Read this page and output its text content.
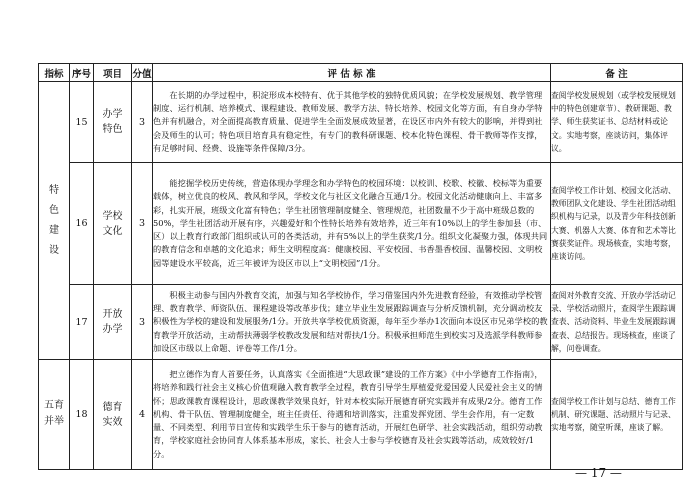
指标	序号	项目	分值	评 估 标 准	备 注
特色建设	15	办学特色	3	在长期的办学过程中，积淀形成本校特有、优于其他学校的独特优质风貌；在学校发展规划、教学管理制度、运行机制、培养模式、课程建设、教师发展、教学方法、特长培养、校园文化等方面，有自身办学特色并有机融合，对全面提高教育质量、促进学生全面发展成效显著，在设区市内外有较大的影响，并得到社会及师生的认可；特色项目培育具有稳定性，有专门的教科研课题、校本化特色课程、骨干教师等作支撑，有足够时间、经费、设施等条件保障/3分。	查阅学校发展规划（或学校发展规划中的特色创建章节）、教研课题、教学、师生获奖证书、总结材料或论文。实地考察，座谈访问，集体评议。
	16	学校文化	3	能挖掘学校历史传统，营造体现办学理念和办学特色的校园环境：以校训、校歌、校徽、校标等为重要载体，树立优良的校风、教风和学风，学校文化与社区文化融合互通/1分。校园文化活动健康向上、丰富多彩，扎实开展，班级文化富有特色；学生社团管理制度健全、管理规范，社团数量不少于高中班级总数的50%，学生社团活动开展有序，兴趣爱好和个性特长培养有效培养，近三年有10%以上的学生参加县（市、区）以上教育行政部门组织或认可的各类活动，并有5%以上的学生获奖/1分。组织文化凝聚力强，体现共同的教育信念和卓越的文化追求；师生文明程度高：健康校园、平安校园、书香墨香校园、温馨校园、文明校园等建设水平较高，近三年被评为设区市以上“文明校园”/1分。	查阅学校工作计划、校园文化活动、教师团队文化建设、学生社团活动组织机构与记录，以及青少年科技创新大赛、机器人大赛、体育和艺术等比赛获奖证件。现场核查，实地考察，座谈访问。
	17	开放办学	3	积极主动参与国内外教育交流，加强与知名学校协作，学习借鉴国内外先进教育经验，有效推动学校管理、教育教学、师资队伍、课程建设等改革步伐；建立毕业生发展跟踪调查与分析反馈机制，充分调动校友积极性为学校的建设和发展服务/1分。开放共享学校优质资源，每年至少举办1次面向本设区市兄弟学校的教育教学开放活动，主动帮扶薄弱学校教改发展和结对帮扶/1分。积极承担师范生到校实习及选派学科教师参加设区市级以上命题、评卷等工作/1分。	查阅对外教育交流、开放办学活动记录、学校活动照片，查阅学生跟踪调查表、活动资料、毕业生发展跟踪调查表、总结报告。现场核查，座谈了解，问卷调查。
五育并举	18	德育实效	4	把立德作为育人首要任务，认真落实《全面推进“大思政课”建设的工作方案》《中小学德育工作指南》，将培养和践行社会主义核心价值观融入教育教学全过程，教育引导学生厚植爱党爱国爱人民爱社会主义的情怀；思政课教育课程设计，思政课教学效果良好，针对本校实际开展德育研究实践并有成果/2分。德育工作机构、骨干队伍、管理制度健全，班主任责任、待遇和培训落实，注重发挥党团、学生会作用，有一定数量、不同类型、利用节日宣传和实践学生乐于参与的德育活动，开展红色研学、社会实践活动，组织劳动教育，学校家庭社会协同育人体系基本形成，家长、社会人士参与学校德育及社会实践等活动，成效较好/1分。	查阅学校工作计划与总结、德育工作机制、研究课题、活动照片与记录、实地考察，随堂听课，座谈了解。
— 17 —
